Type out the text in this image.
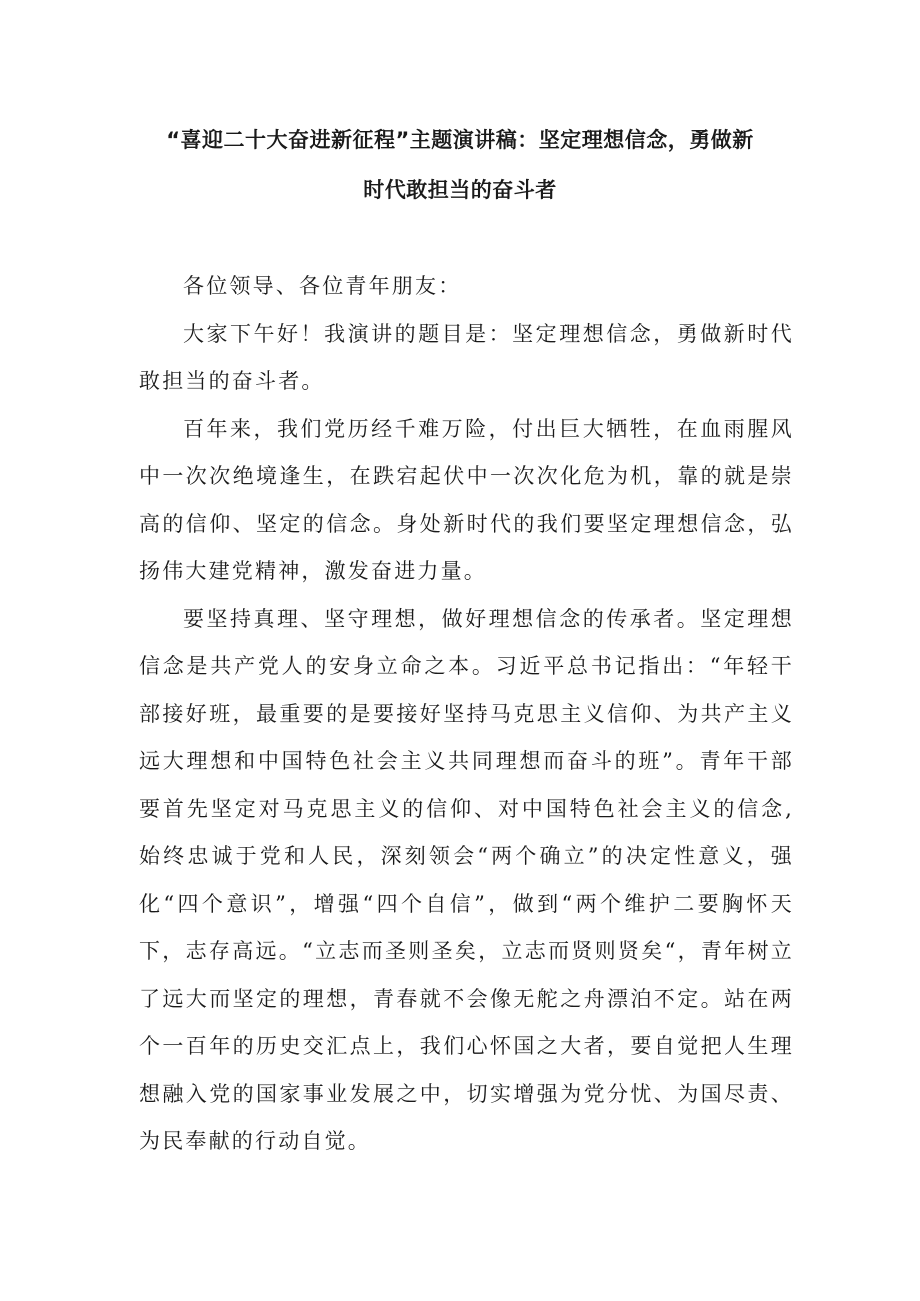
“喜迎二十大奋进新征程”主题演讲稿：坚定理想信念，勇做新
时代敢担当的奋斗者

各位领导、各位青年朋友：

大家下午好！我演讲的题目是：坚定理想信念，勇做新时代敢担当的奋斗者。

百年来，我们党历经千难万险，付出巨大牺牲，在血雨腥风中一次次绝境逢生，在跌宕起伏中一次次化危为机，靠的就是崇高的信仰、坚定的信念。身处新时代的我们要坚定理想信念，弘扬伟大建党精神，激发奋进力量。

要坚持真理、坚守理想，做好理想信念的传承者。坚定理想信念是共产党人的安身立命之本。习近平总书记指出：“年轻干部接好班，最重要的是要接好坚持马克思主义信仰、为共产主义远大理想和中国特色社会主义共同理想而奋斗的班”。青年干部要首先坚定对马克思主义的信仰、对中国特色社会主义的信念,始终忠诚于党和人民，深刻领会“两个确立”的决定性意义，强化“四个意识”，增强“四个自信”，做到“两个维护二要胸怀天下，志存高远。“立志而圣则圣矣，立志而贤则贤矣“，青年树立了远大而坚定的理想，青春就不会像无舵之舟漂泊不定。站在两个一百年的历史交汇点上，我们心怀国之大者，要自觉把人生理想融入党的国家事业发展之中，切实增强为党分忧、为国尽责、为民奉献的行动自觉。
